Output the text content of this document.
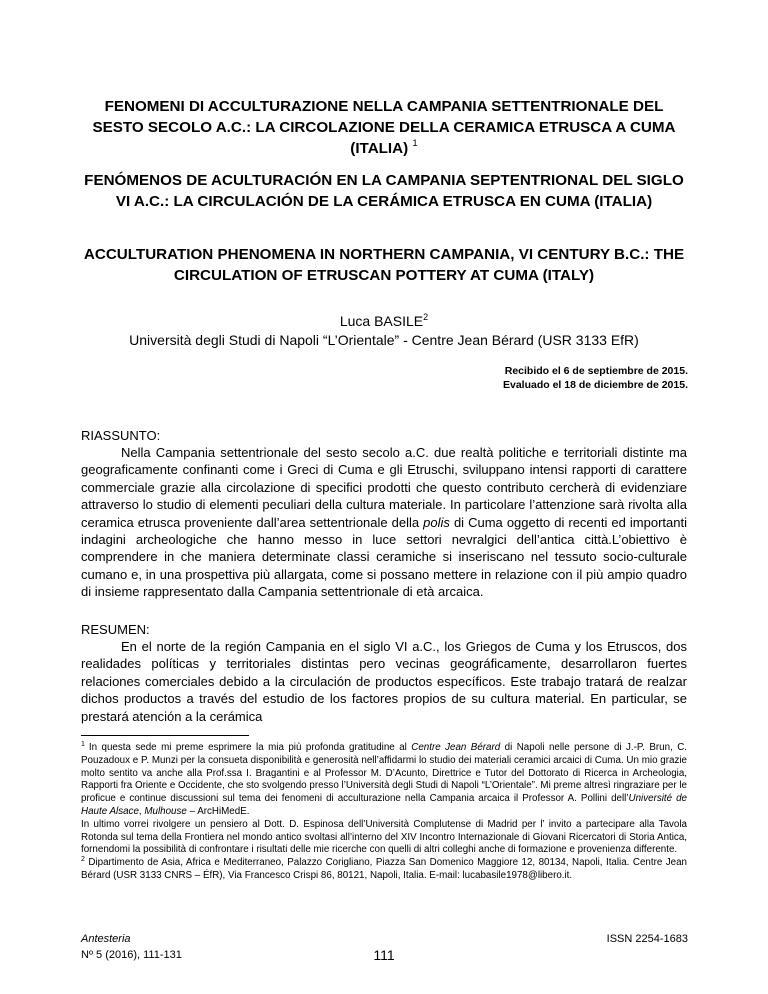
FENOMENI DI ACCULTURAZIONE NELLA CAMPANIA SETTENTRIONALE DEL SESTO SECOLO A.C.: LA CIRCOLAZIONE DELLA CERAMICA ETRUSCA A CUMA (ITALIA) $^1$
FENÓMENOS DE ACULTURACIÓN EN LA CAMPANIA SEPTENTRIONAL DEL SIGLO VI A.C.: LA CIRCULACIÓN DE LA CERÁMICA ETRUSCA EN CUMA (ITALIA)
ACCULTURATION PHENOMENA IN NORTHERN CAMPANIA, VI CENTURY B.C.: THE CIRCULATION OF ETRUSCAN POTTERY AT CUMA (ITALY)
Luca BASILE$^2$
Università degli Studi di Napoli “L’Orientale” - Centre Jean Bérard (USR 3133 EfR)
Recibido el 6 de septiembre de 2015.
Evaluado el 18 de diciembre de 2015.

RIASSUNTO:

Nella Campania settentrionale del sesto secolo a.C. due realtà politiche e territoriali distinte ma geograficamente confinanti come i Greci di Cuma e gli Etruschi, sviluppano intensi rapporti di carattere commerciale grazie alla circolazione di specifici prodotti che questo contributo cercherà di evidenziare attraverso lo studio di elementi peculiari della cultura materiale. In particolare l’attenzione sarà rivolta alla ceramica etrusca proveniente dall’area settentrionale della polis di Cuma oggetto di recenti ed importanti indagini archeologiche che hanno messo in luce settori nevralgici dell’antica città.L’obiettivo è comprendere in che maniera determinate classi ceramiche si inseriscano nel tessuto socio-culturale cumano e, in una prospettiva più allargata, come si possano mettere in relazione con il più ampio quadro di insieme rappresentato dalla Campania settentrionale di età arcaica.

RESUMEN:

En el norte de la región Campania en el siglo VI a.C., los Griegos de Cuma y los Etruscos, dos realidades políticas y territoriales distintas pero vecinas geográficamente, desarrollaron fuertes relaciones comerciales debido a la circulación de productos específicos. Este trabajo tratará de realzar dichos productos a través del estudio de los factores propios de su cultura material. En particular, se prestará atención a la cerámica

$^1$ In questa sede mi preme esprimere la mia più profonda gratitudine al Centre Jean Bérard di Napoli nelle persone di J.-P. Brun, C. Pouzadoux e P. Munzi per la consueta disponibilità e generosità nell’affidarmi lo studio dei materiali ceramici arcaici di Cuma. Un mio grazie molto sentito va anche alla Prof.ssa I. Bragantini e al Professor M. D’Acunto, Direttrice e Tutor del Dottorato di Ricerca in Archeologia, Rapporti fra Oriente e Occidente, che sto svolgendo presso l’Università degli Studi di Napoli “L’Orientale”. Mi preme altresì ringraziare per le proficue e continue discussioni sul tema dei fenomeni di acculturazione nella Campania arcaica il Professor A. Pollini dell’Université de Haute Alsace, Mulhouse – ArcHiMedE.

In ultimo vorrei rivolgere un pensiero al Dott. D. Espinosa dell’Università Complutense di Madrid per l’ invito a partecipare alla Tavola Rotonda sul tema della Frontiera nel mondo antico svoltasi all’interno del XIV Incontro Internazionale di Giovani Ricercatori di Storia Antica, fornendomi la possibilità di confrontare i risultati delle mie ricerche con quelli di altri colleghi anche di formazione e provenienza differente.

$^2$ Dipartimento de Asia, Africa e Mediterraneo, Palazzo Corigliano, Piazza San Domenico Maggiore 12, 80134, Napoli, Italia. Centre Jean Bérard (USR 3133 CNRS – ÉfR), Via Francesco Crispi 86, 80121, Napoli, Italia. E-mail: lucabasile1978@libero.it.

Antesteria
Nº 5 (2016), 111-131	111
ISSN 2254-1683
